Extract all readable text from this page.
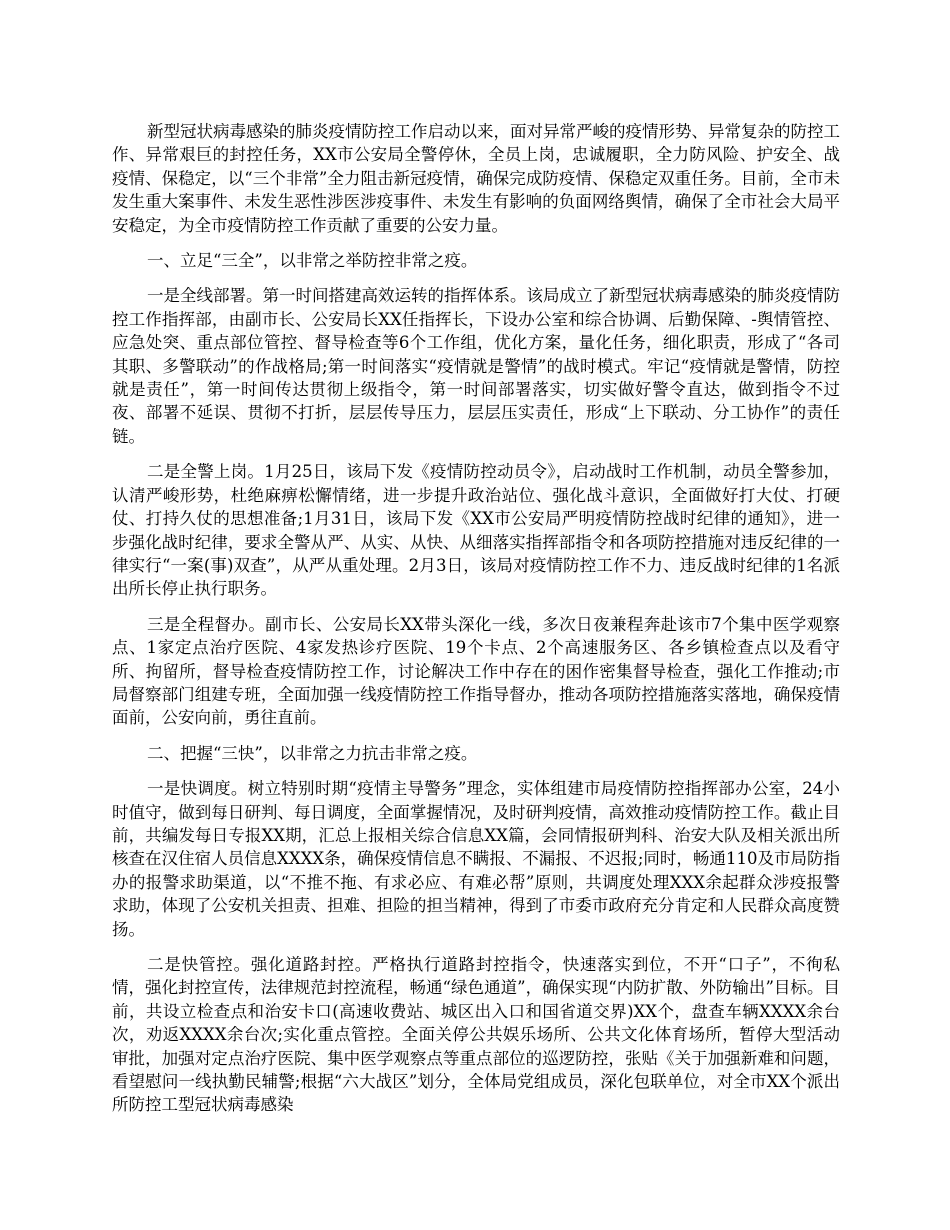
新型冠状病毒感染的肺炎疫情防控工作启动以来，面对异常严峻的疫情形势、异常复杂的防控工作、异常艰巨的封控任务，XX市公安局全警停休，全员上岗，忠诚履职，全力防风险、护安全、战疫情、保稳定，以“三个非常”全力阻击新冠疫情，确保完成防疫情、保稳定双重任务。目前，全市未发生重大案事件、未发生恶性涉医涉疫事件、未发生有影响的负面网络舆情，确保了全市社会大局平安稳定，为全市疫情防控工作贡献了重要的公安力量。

一、立足“三全”，以非常之举防控非常之疫。

一是全线部署。第一时间搭建高效运转的指挥体系。该局成立了新型冠状病毒感染的肺炎疫情防控工作指挥部，由副市长、公安局长XX任指挥长，下设办公室和综合协调、后勤保障、-舆情管控、应急处突、重点部位管控、督导检查等6个工作组，优化方案，量化任务，细化职责，形成了“各司其职、多警联动”的作战格局;第一时间落实“疫情就是警情”的战时模式。牢记“疫情就是警情，防控就是责任”，第一时间传达贯彻上级指令，第一时间部署落实，切实做好警令直达，做到指令不过夜、部署不延误、贯彻不打折，层层传导压力，层层压实责任，形成“上下联动、分工协作”的责任链。

二是全警上岗。1月25日，该局下发《疫情防控动员令》，启动战时工作机制，动员全警参加，认清严峻形势，杜绝麻痹松懈情绪，进一步提升政治站位、强化战斗意识，全面做好打大仗、打硬仗、打持久仗的思想准备;1月31日，该局下发《XX市公安局严明疫情防控战时纪律的通知》，进一步强化战时纪律，要求全警从严、从实、从快、从细落实指挥部指令和各项防控措施对违反纪律的一律实行“一案(事)双查”，从严从重处理。2月3日，该局对疫情防控工作不力、违反战时纪律的1名派出所长停止执行职务。

三是全程督办。副市长、公安局长XX带头深化一线，多次日夜兼程奔赴该市7个集中医学观察点、1家定点治疗医院、4家发热诊疗医院、19个卡点、2个高速服务区、各乡镇检查点以及看守所、拘留所，督导检查疫情防控工作，讨论解决工作中存在的困作密集督导检查，强化工作推动;市局督察部门组建专班，全面加强一线疫情防控工作指导督办，推动各项防控措施落实落地，确保疫情面前，公安向前，勇往直前。

二、把握“三快”，以非常之力抗击非常之疫。

一是快调度。树立特别时期“疫情主导警务”理念，实体组建市局疫情防控指挥部办公室，24小时值守，做到每日研判、每日调度，全面掌握情况，及时研判疫情，高效推动疫情防控工作。截止目前，共编发每日专报XX期，汇总上报相关综合信息XX篇，会同情报研判科、治安大队及相关派出所核查在汉住宿人员信息XXXX条，确保疫情信息不瞒报、不漏报、不迟报;同时，畅通110及市局防指办的报警求助渠道，以“不推不拖、有求必应、有难必帮”原则，共调度处理XXX余起群众涉疫报警求助，体现了公安机关担责、担难、担险的担当精神，得到了市委市政府充分肯定和人民群众高度赞扬。

二是快管控。强化道路封控。严格执行道路封控指令，快速落实到位，不开“口子”，不徇私情，强化封控宣传，法律规范封控流程，畅通“绿色通道”，确保实现“内防扩散、外防输出”目标。目前，共设立检查点和治安卡口(高速收费站、城区出入口和国省道交界)XX个，盘查车辆XXXX余台次，劝返XXXX余台次;实化重点管控。全面关停公共娱乐场所、公共文化体育场所，暂停大型活动审批，加强对定点治疗医院、集中医学观察点等重点部位的巡逻防控，张贴《关于加强新难和问题，看望慰问一线执勤民辅警;根据“六大战区”划分，全体局党组成员，深化包联单位，对全市XX个派出所防控工型冠状病毒感染
